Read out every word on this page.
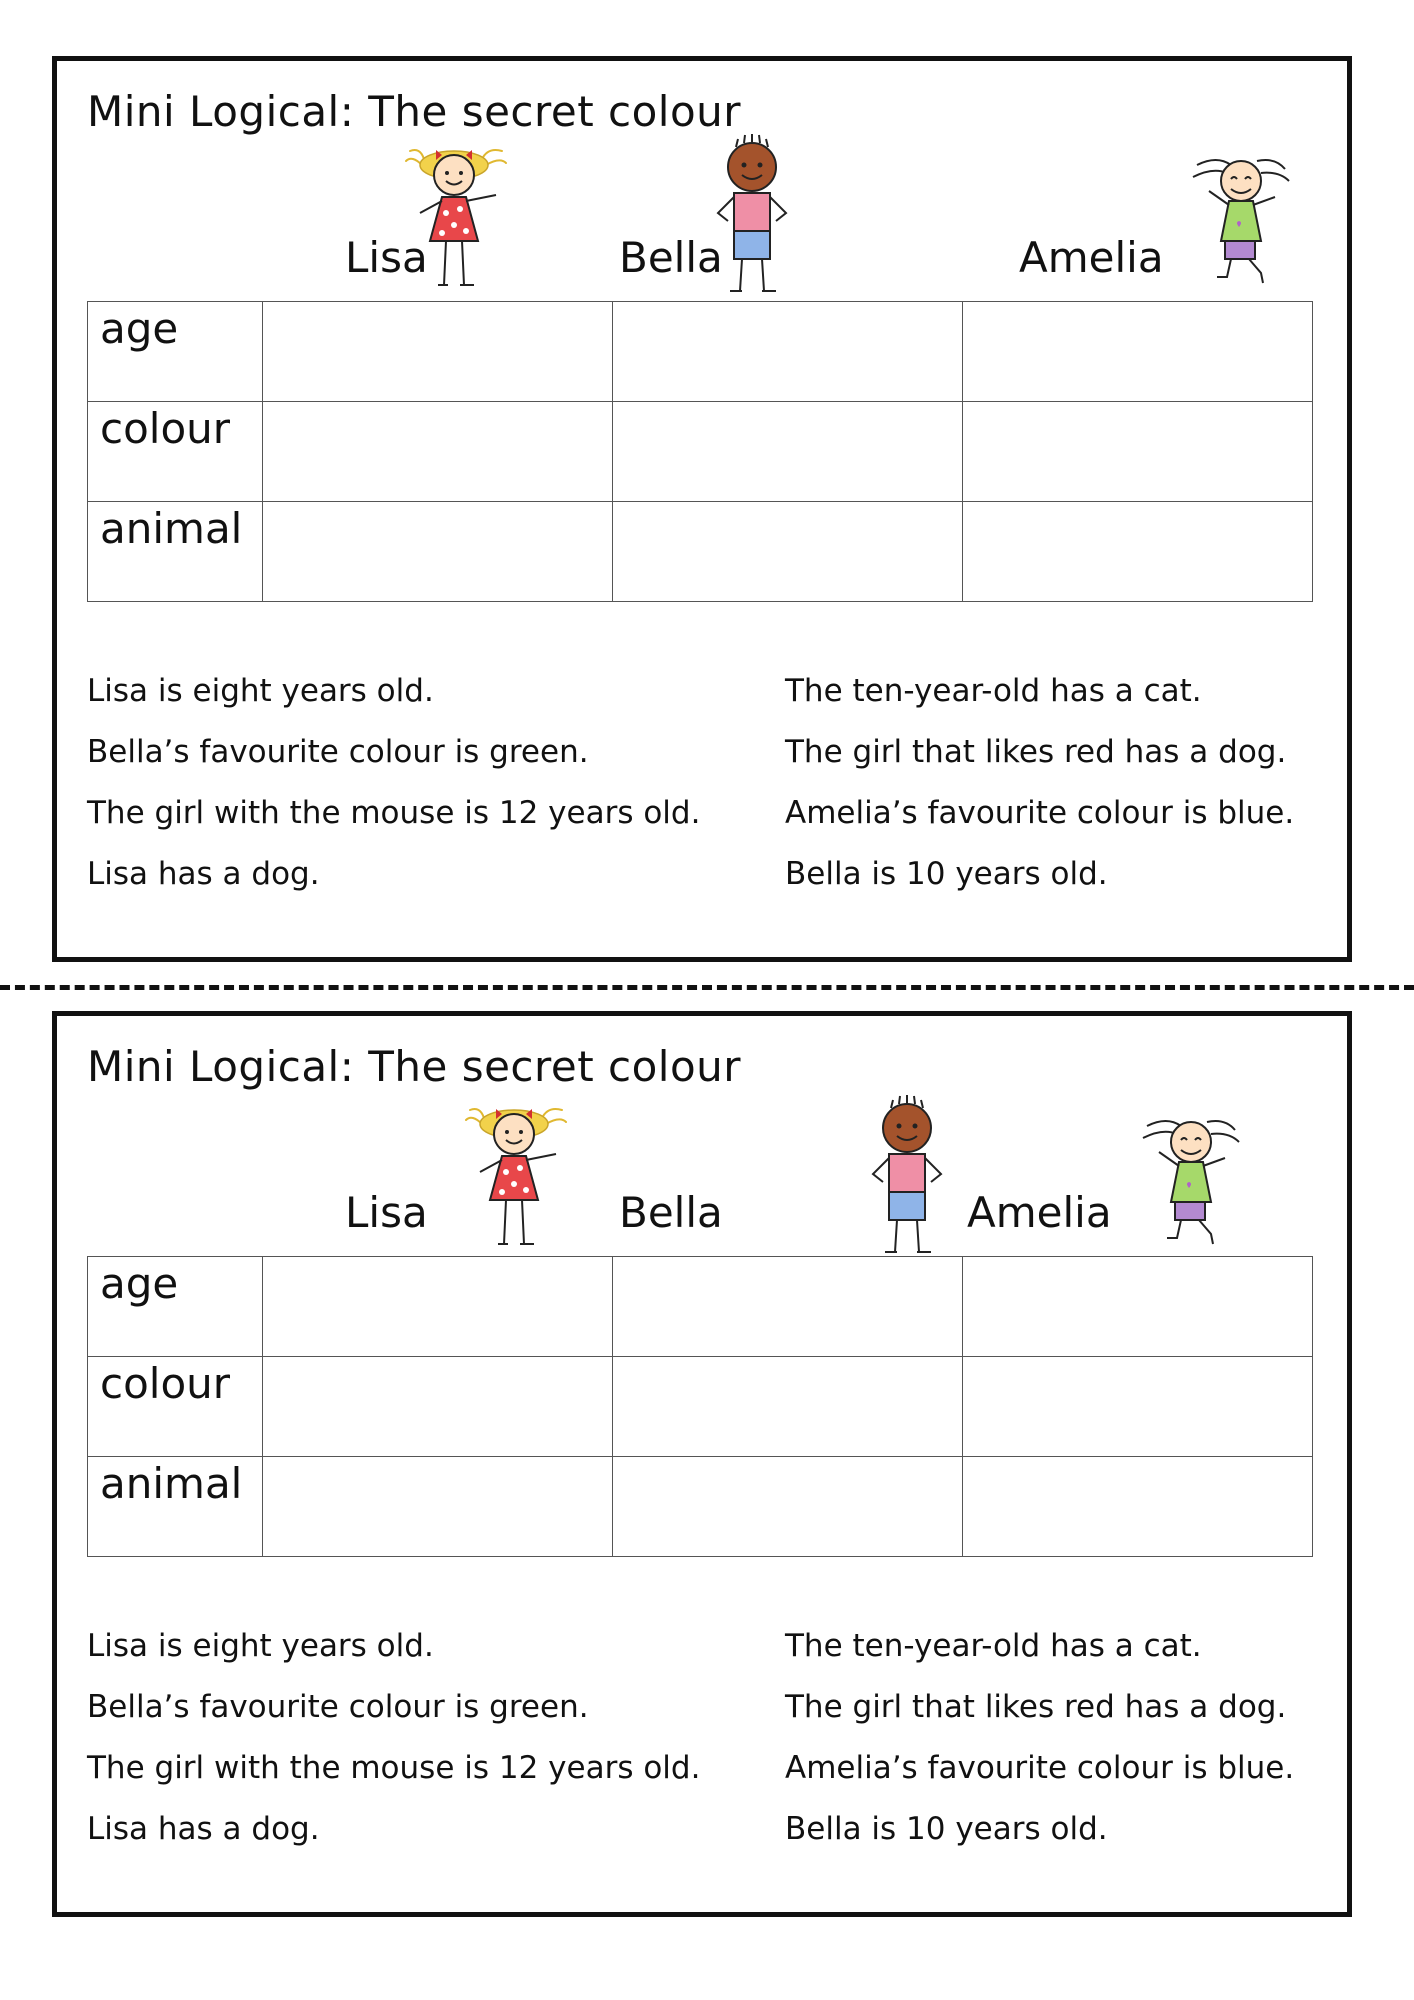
Mini Logical: The secret colour

Lisa	Bella	Amelia

age			
colour			
animal			
Lisa is eight years old.
Bella’s favourite colour is green.
The girl with the mouse is 12 years old.
Lisa has a dog.
The ten-year-old has a cat.
The girl that likes red has a dog.
Amelia’s favourite colour is blue.
Bella is 10 years old.
Mini Logical: The secret colour

Lisa	Bella	Amelia

age			
colour			
animal			
Lisa is eight years old.
Bella’s favourite colour is green.
The girl with the mouse is 12 years old.
Lisa has a dog.
The ten-year-old has a cat.
The girl that likes red has a dog.
Amelia’s favourite colour is blue.
Bella is 10 years old.
